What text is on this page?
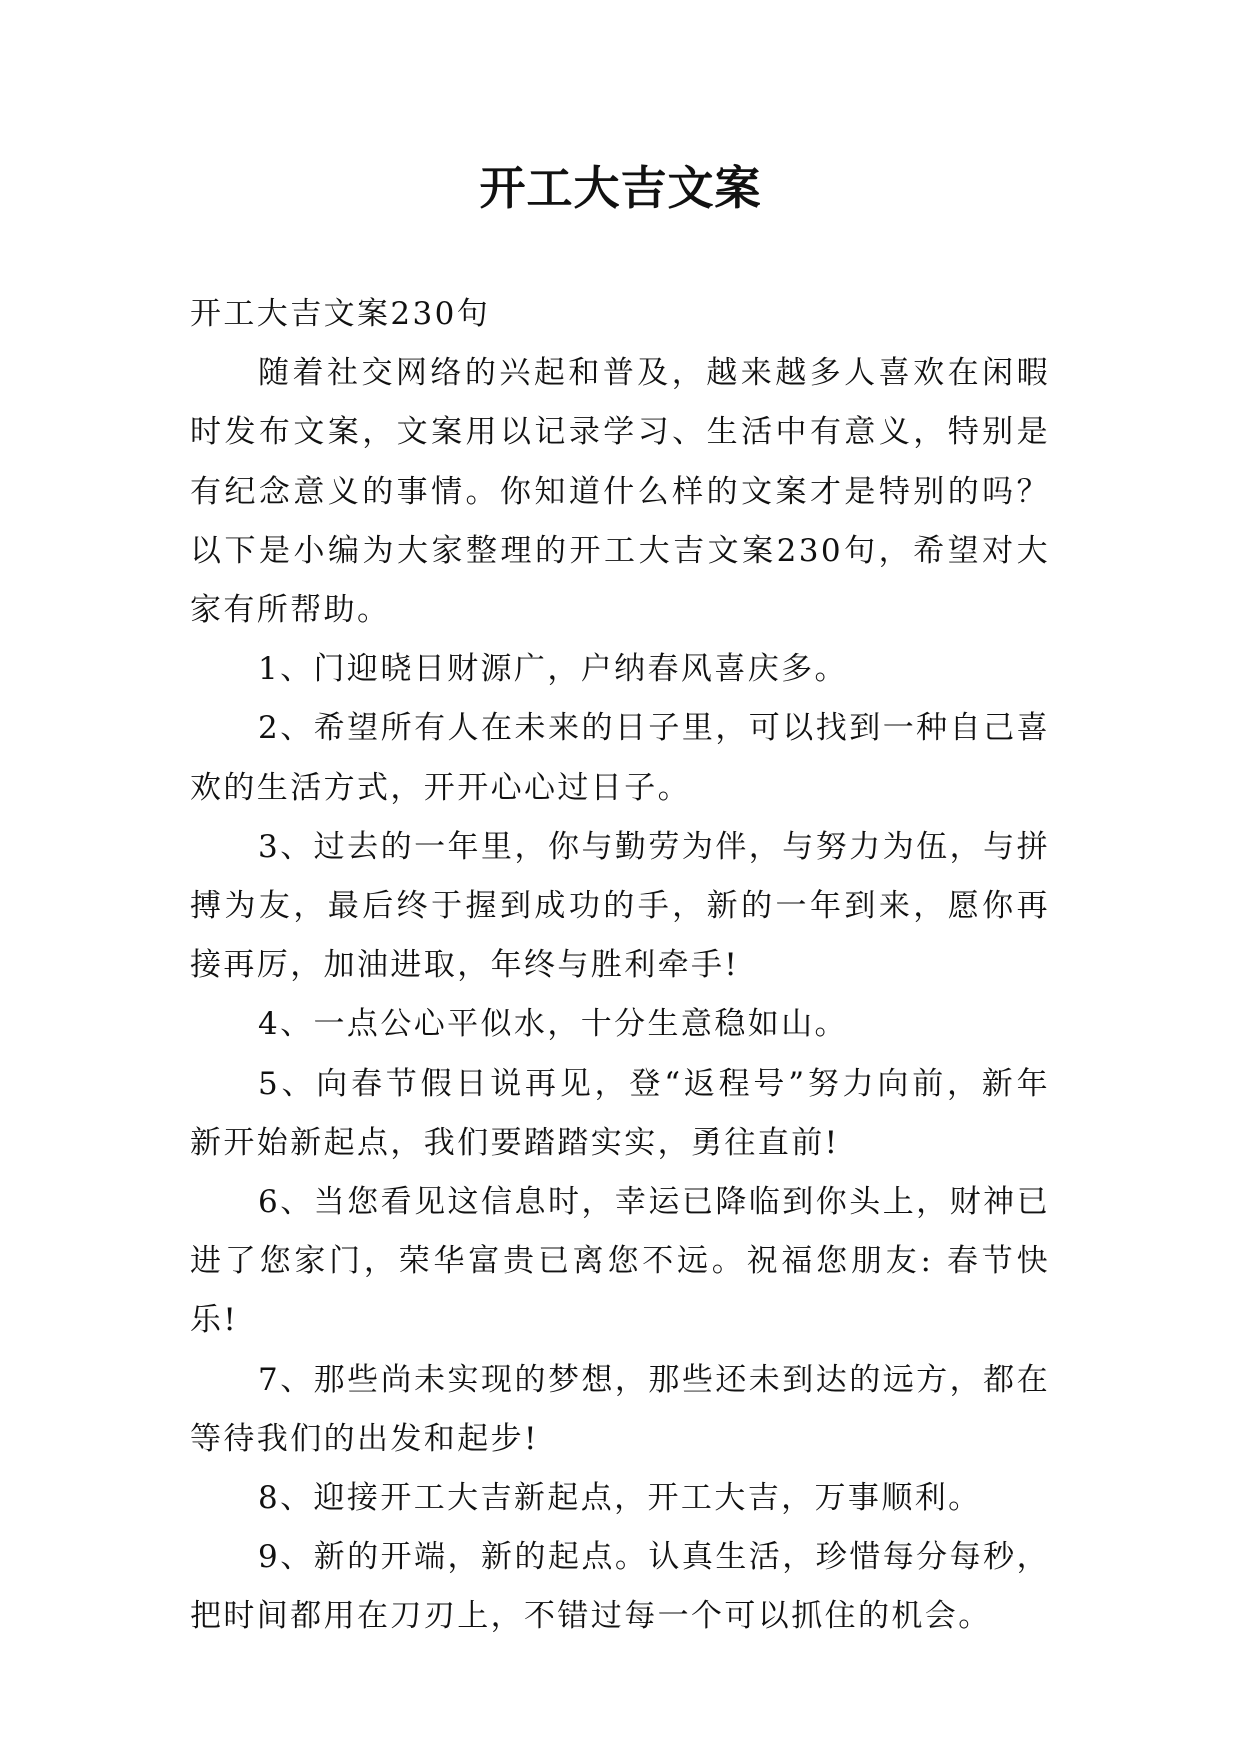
开工大吉文案

开工大吉文案230句

随着社交网络的兴起和普及，越来越多人喜欢在闲暇时发布文案，文案用以记录学习、生活中有意义，特别是有纪念意义的事情。你知道什么样的文案才是特别的吗？以下是小编为大家整理的开工大吉文案230句，希望对大家有所帮助。

1、门迎晓日财源广，户纳春风喜庆多。

2、希望所有人在未来的日子里，可以找到一种自己喜欢的生活方式，开开心心过日子。

3、过去的一年里，你与勤劳为伴，与努力为伍，与拼搏为友，最后终于握到成功的手，新的一年到来，愿你再接再厉，加油进取，年终与胜利牵手!

4、一点公心平似水，十分生意稳如山。

5、向春节假日说再见，登“返程号”努力向前，新年新开始新起点，我们要踏踏实实，勇往直前!

6、当您看见这信息时，幸运已降临到你头上，财神已进了您家门，荣华富贵已离您不远。祝福您朋友: 春节快乐!

7、那些尚未实现的梦想，那些还未到达的远方，都在等待我们的出发和起步!

8、迎接开工大吉新起点，开工大吉，万事顺利。

9、新的开端，新的起点。认真生活，珍惜每分每秒，把时间都用在刀刃上，不错过每一个可以抓住的机会。
